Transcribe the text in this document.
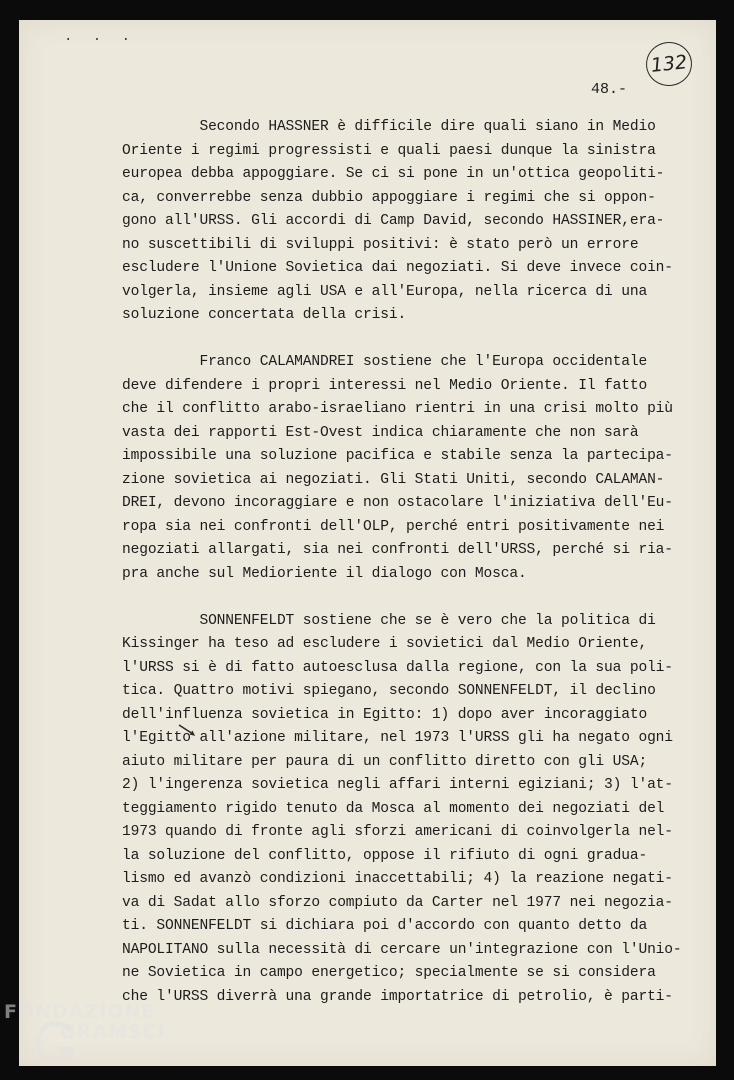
· · ·
132
48.-
Secondo HASSNER è difficile dire quali siano in Medio
Oriente i regimi progressisti e quali paesi dunque la sinistra
europea debba appoggiare. Se ci si pone in un'ottica geopoliti-
ca, converrebbe senza dubbio appoggiare i regimi che si oppon-
gono all'URSS. Gli accordi di Camp David, secondo HASSINER,era-
no suscettibili di sviluppi positivi: è stato però un errore
escludere l'Unione Sovietica dai negoziati. Si deve invece coin-
volgerla, insieme agli USA e all'Europa, nella ricerca di una
soluzione concertata della crisi.
Franco CALAMANDREI sostiene che l'Europa occidentale
deve difendere i propri interessi nel Medio Oriente. Il fatto
che il conflitto arabo-israeliano rientri in una crisi molto più
vasta dei rapporti Est-Ovest indica chiaramente che non sarà
impossibile una soluzione pacifica e stabile senza la partecipa-
zione sovietica ai negoziati. Gli Stati Uniti, secondo CALAMAN-
DREI, devono incoraggiare e non ostacolare l'iniziativa dell'Eu-
ropa sia nei confronti dell'OLP, perché entri positivamente nei
negoziati allargati, sia nei confronti dell'URSS, perché si ria-
pra anche sul Medioriente il dialogo con Mosca.
SONNENFELDT sostiene che se è vero che la politica di
Kissinger ha teso ad escludere i sovietici dal Medio Oriente,
l'URSS si è di fatto autoesclusa dalla regione, con la sua poli-
tica. Quattro motivi spiegano, secondo SONNENFELDT, il declino
dell'influenza sovietica in Egitto: 1) dopo aver incoraggiato
l'Egitto all'azione militare, nel 1973 l'URSS gli ha negato ogni
aiuto militare per paura di un conflitto diretto con gli USA;
2) l'ingerenza sovietica negli affari interni egiziani; 3) l'at-
teggiamento rigido tenuto da Mosca al momento dei negoziati del
1973 quando di fronte agli sforzi americani di coinvolgerla nel-
la soluzione del conflitto, oppose il rifiuto di ogni gradua-
lismo ed avanzò condizioni inaccettabili; 4) la reazione negati-
va di Sadat allo sforzo compiuto da Carter nel 1977 nei negozia-
ti. SONNENFELDT si dichiara poi d'accordo con quanto detto da
NAPOLITANO sulla necessità di cercare un'integrazione con l'Unio-
ne Sovietica in campo energetico; specialmente se si considera
che l'URSS diverrà una grande importatrice di petrolio, è parti-
FONDAZIONE
GRAMSCI
onlus
